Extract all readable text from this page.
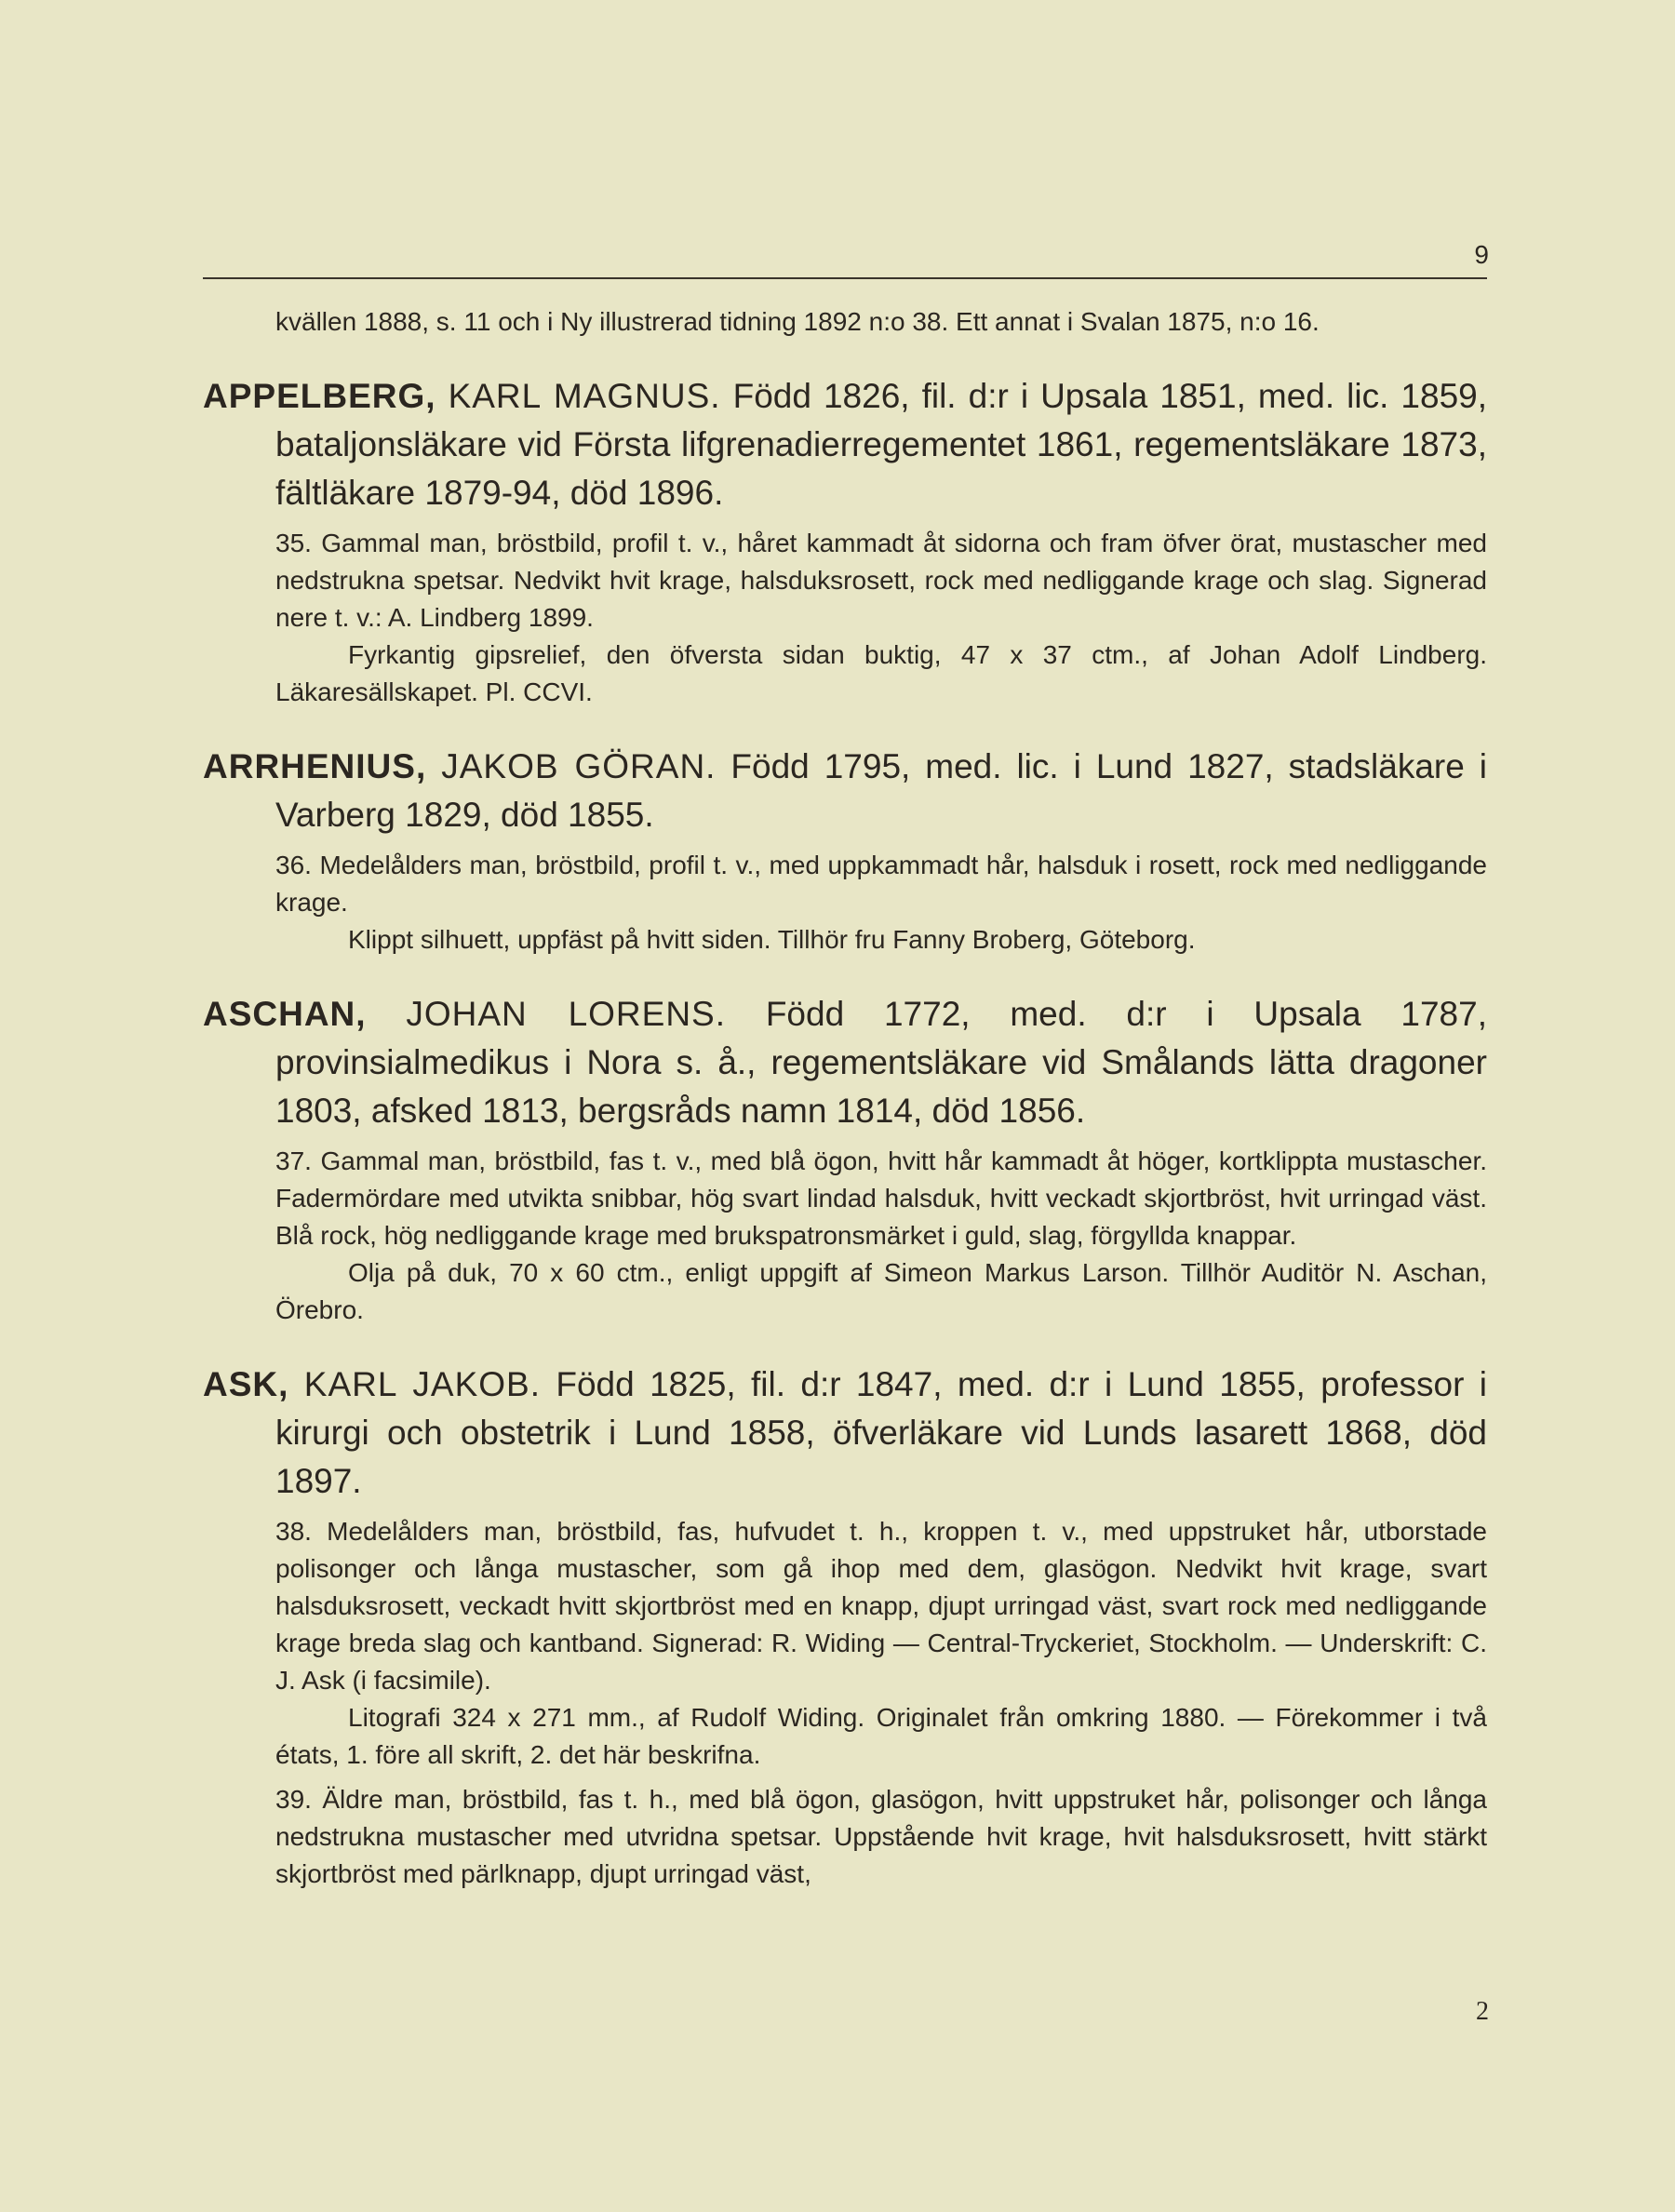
9

kvällen 1888, s. 11 och i Ny illustrerad tidning 1892 n:o 38. Ett annat i Svalan 1875, n:o 16.

APPELBERG, KARL MAGNUS. Född 1826, fil. d:r i Upsala 1851, med. lic. 1859, bataljonsläkare vid Första lifgrenadierregementet 1861, regementsläkare 1873, fältläkare 1879-94, död 1896.

35. Gammal man, bröstbild, profil t. v., håret kammadt åt sidorna och fram öfver örat, mustascher med nedstrukna spetsar. Nedvikt hvit krage, halsduksrosett, rock med nedliggande krage och slag. Signerad nere t. v.: A. Lindberg 1899.

Fyrkantig gipsrelief, den öfversta sidan buktig, 47 x 37 ctm., af Johan Adolf Lindberg. Läkaresällskapet. Pl. CCVI.

ARRHENIUS, JAKOB GÖRAN. Född 1795, med. lic. i Lund 1827, stadsläkare i Varberg 1829, död 1855.

36. Medelålders man, bröstbild, profil t. v., med uppkammadt hår, halsduk i rosett, rock med nedliggande krage.

Klippt silhuett, uppfäst på hvitt siden. Tillhör fru Fanny Broberg, Göteborg.

ASCHAN, JOHAN LORENS. Född 1772, med. d:r i Upsala 1787, provinsialmedikus i Nora s. å., regementsläkare vid Smålands lätta dragoner 1803, afsked 1813, bergsråds namn 1814, död 1856.

37. Gammal man, bröstbild, fas t. v., med blå ögon, hvitt hår kammadt åt höger, kortklippta mustascher. Fadermördare med utvikta snibbar, hög svart lindad halsduk, hvitt veckadt skjortbröst, hvit urringad väst. Blå rock, hög nedliggande krage med brukspatronsmärket i guld, slag, förgyllda knappar.

Olja på duk, 70 x 60 ctm., enligt uppgift af Simeon Markus Larson. Tillhör Auditör N. Aschan, Örebro.

ASK, KARL JAKOB. Född 1825, fil. d:r 1847, med. d:r i Lund 1855, professor i kirurgi och obstetrik i Lund 1858, öfverläkare vid Lunds lasarett 1868, död 1897.

38. Medelålders man, bröstbild, fas, hufvudet t. h., kroppen t. v., med uppstruket hår, utborstade polisonger och långa mustascher, som gå ihop med dem, glasögon. Nedvikt hvit krage, svart halsduksrosett, veckadt hvitt skjortbröst med en knapp, djupt urringad väst, svart rock med nedliggande krage breda slag och kantband. Signerad: R. Widing — Central-Tryckeriet, Stockholm. — Underskrift: C. J. Ask (i facsimile).

Litografi 324 x 271 mm., af Rudolf Widing. Originalet från omkring 1880. — Förekommer i två états, 1. före all skrift, 2. det här beskrifna.

39. Äldre man, bröstbild, fas t. h., med blå ögon, glasögon, hvitt uppstruket hår, polisonger och långa nedstrukna mustascher med utvridna spetsar. Uppstående hvit krage, hvit halsduksrosett, hvitt stärkt skjortbröst med pärlknapp, djupt urringad väst,

2
